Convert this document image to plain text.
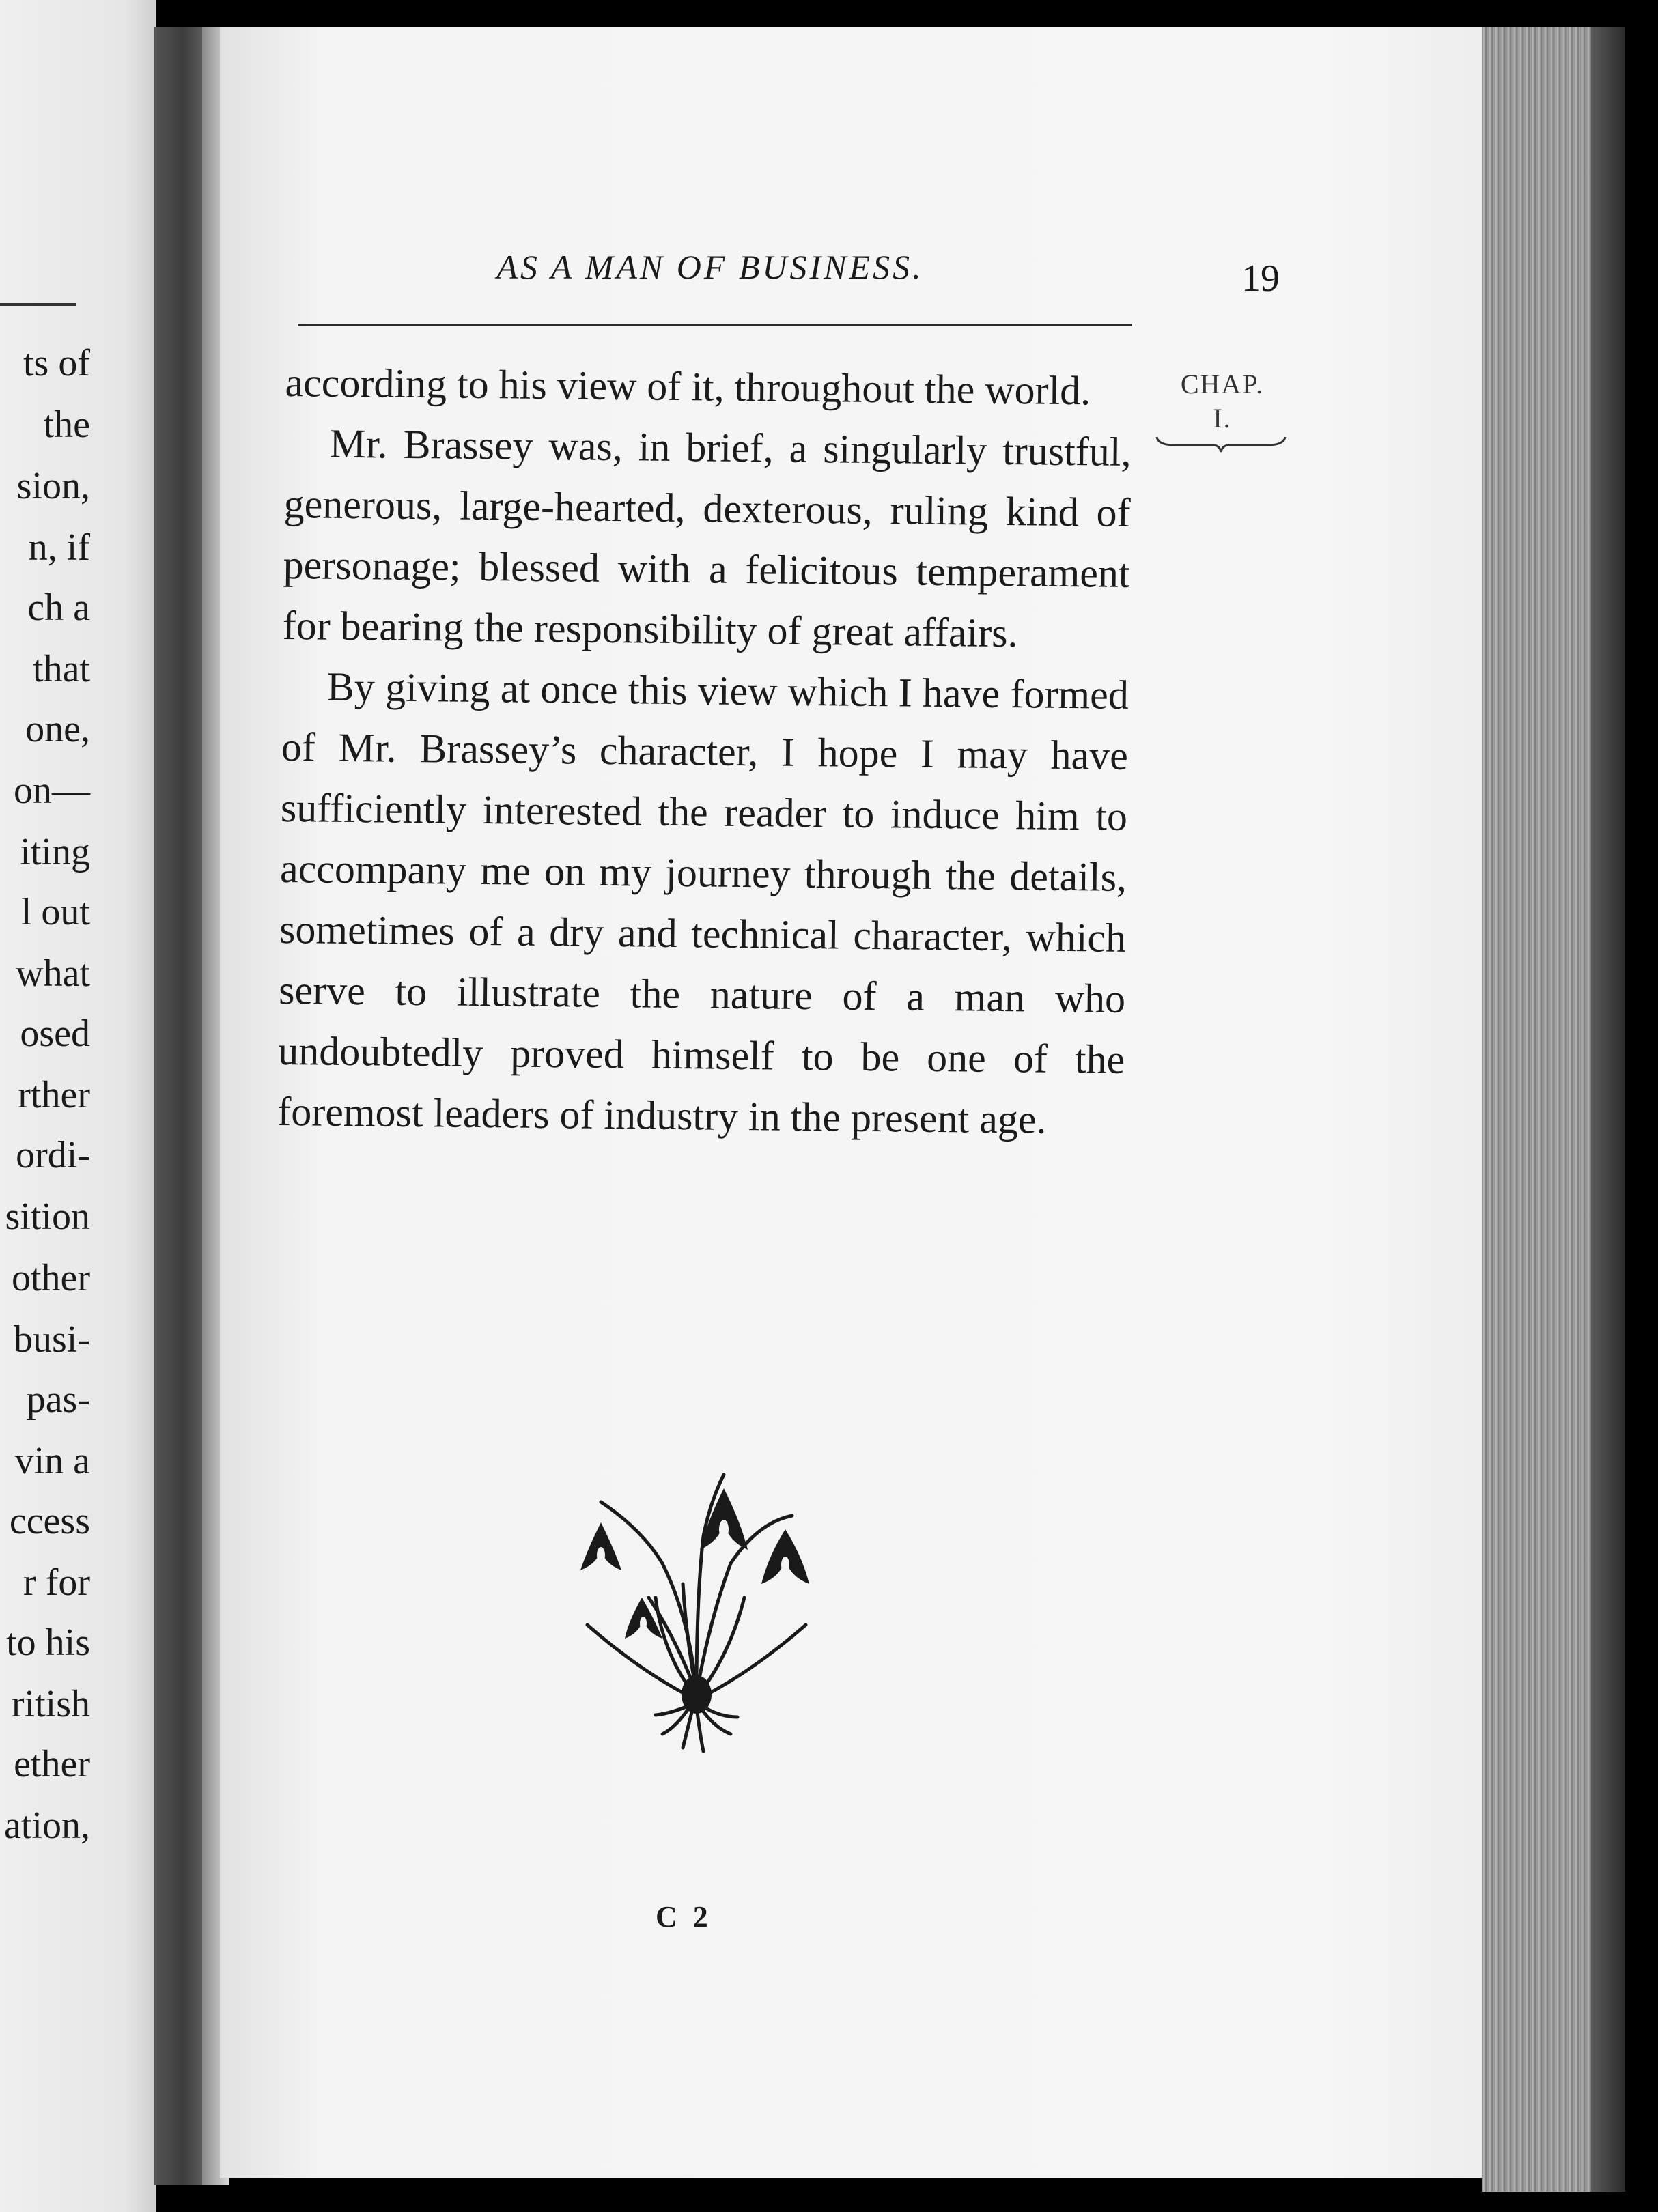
ts of
the
sion,
n, if
ch a
that
one,
on—
iting
l out
what
osed
rther
ordi-
sition
other
busi-
pas-
vin a
ccess
r for
to his
ritish
ether
ation,
AS A MAN OF BUSINESS.	19
CHAP.
I.

according to his view of it, throughout the world.

Mr. Brassey was, in brief, a singularly trustful, generous, large-hearted, dexterous, ruling kind of personage; blessed with a felicitous temperament for bearing the responsibility of great affairs.

By giving at once this view which I have formed of Mr. Brassey’s character, I hope I may have sufficiently interested the reader to induce him to accompany me on my journey through the details, sometimes of a dry and technical character, which serve to illustrate the nature of a man who undoubtedly proved himself to be one of the foremost leaders of industry in the present age.

C 2
